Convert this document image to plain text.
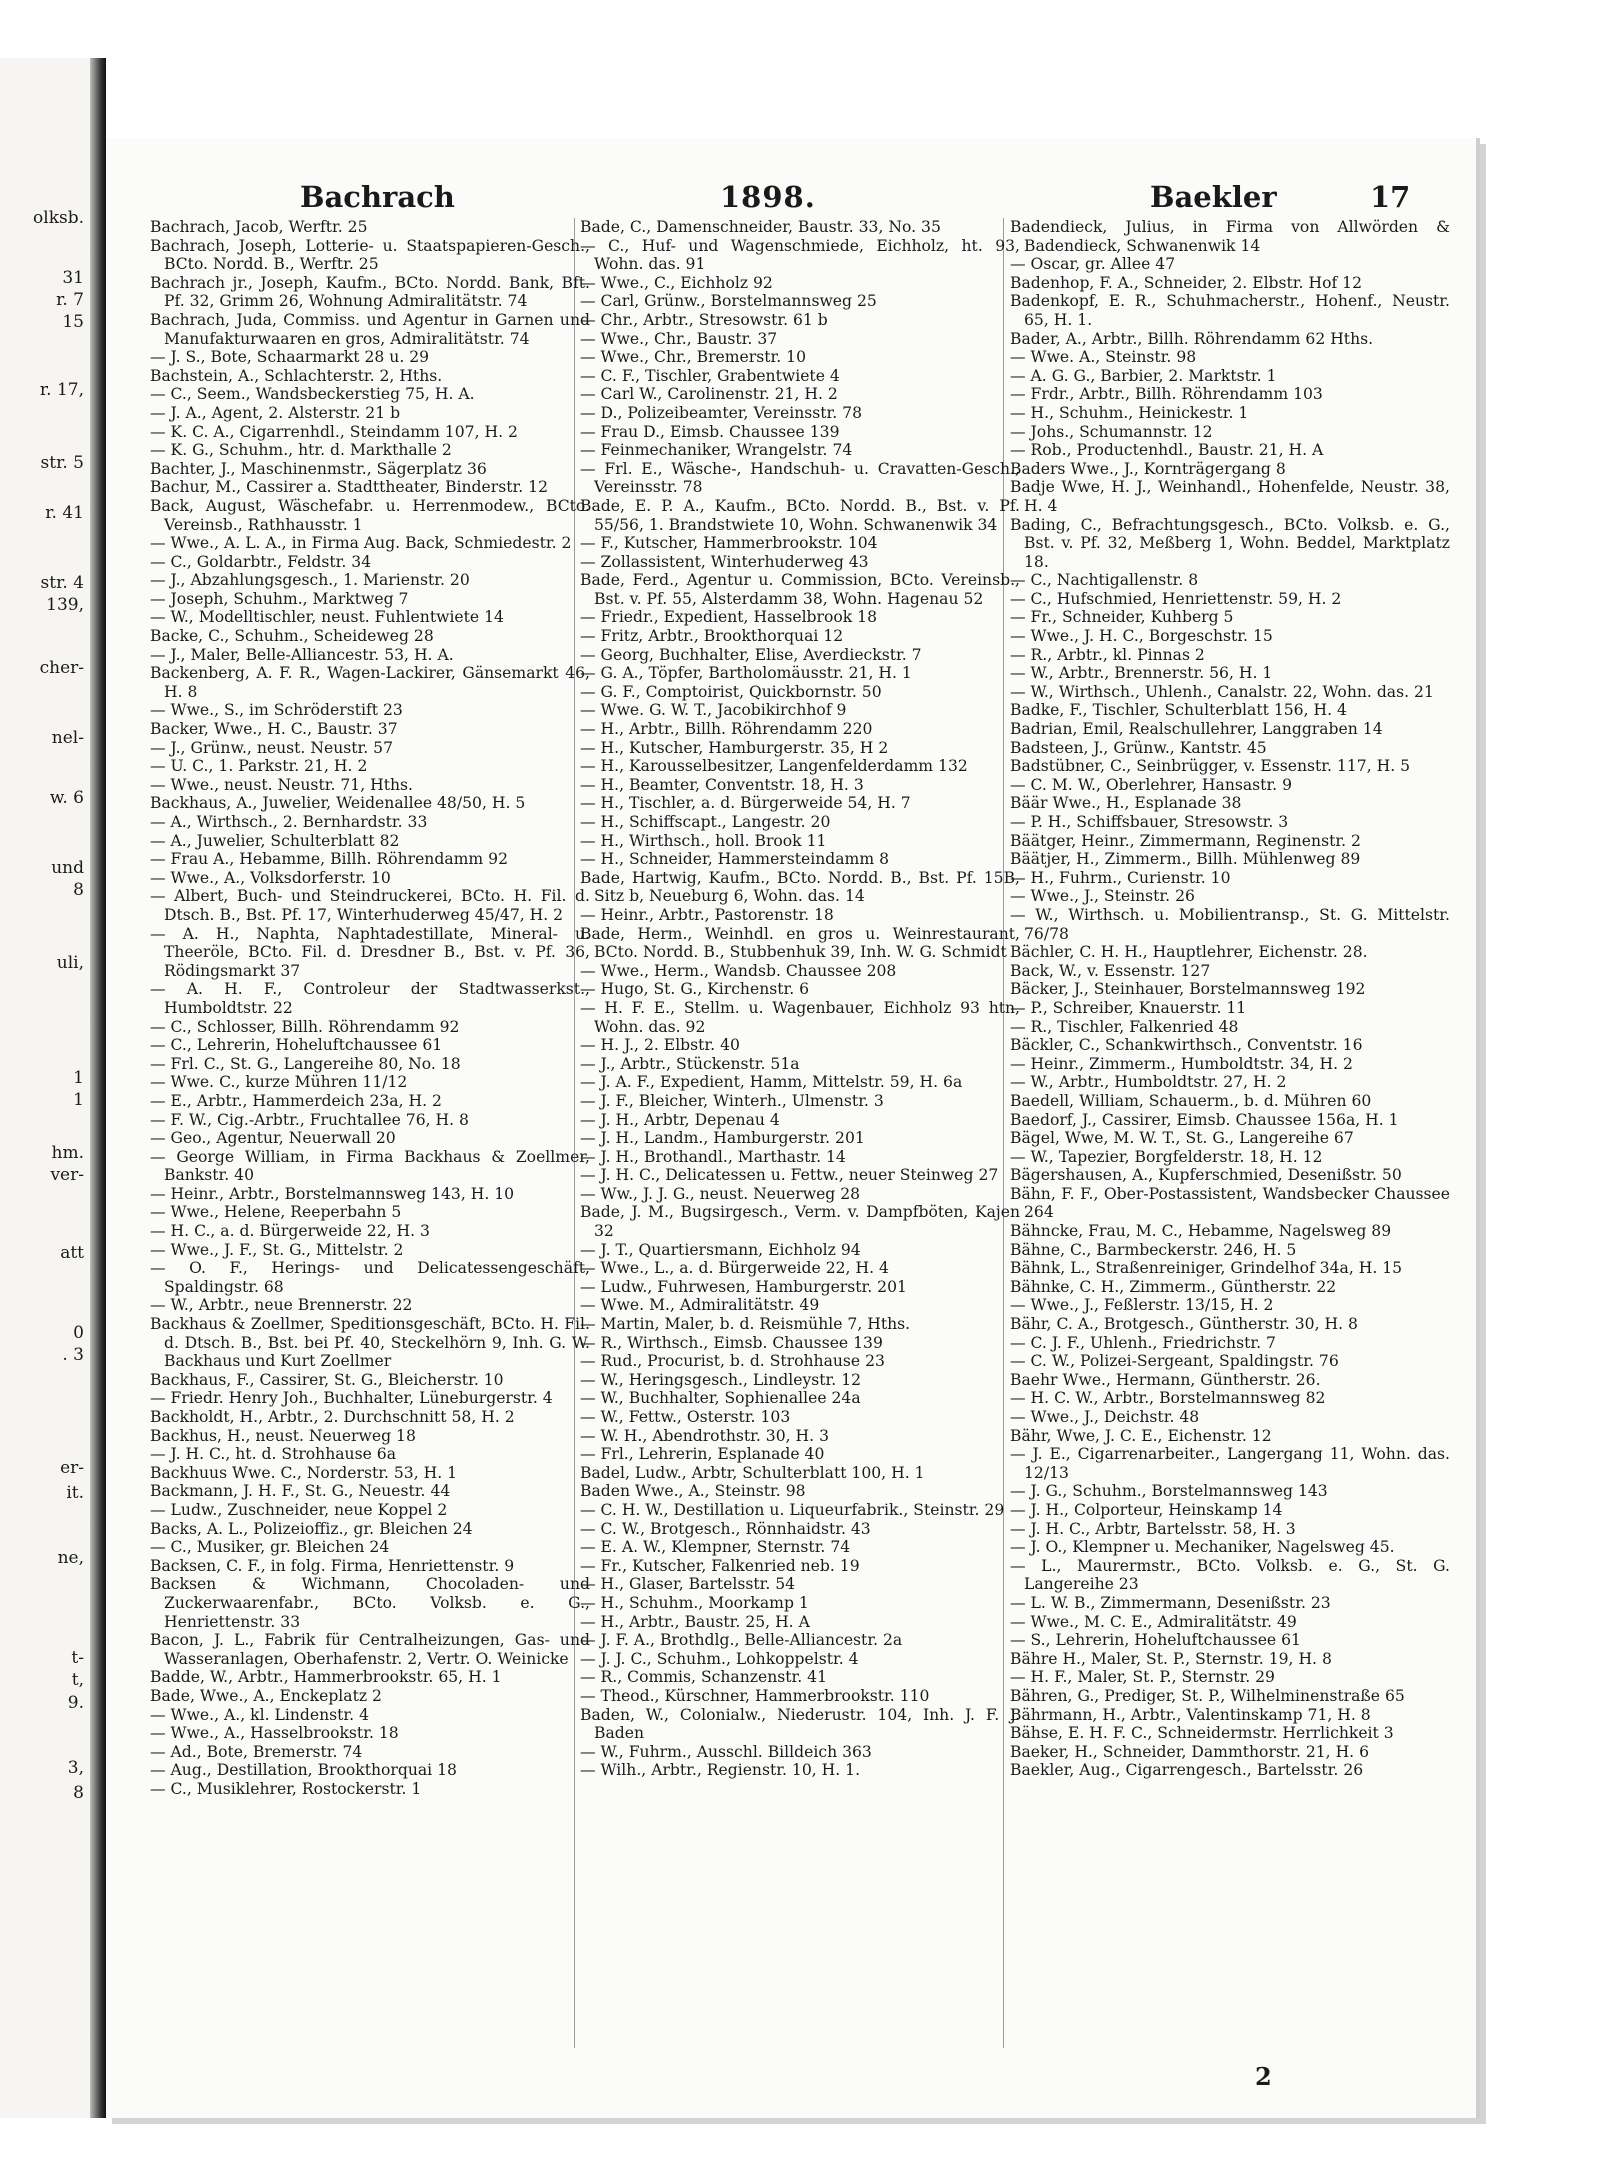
olksb.
31
r. 7
15
r. 17,
str. 5
r. 41
str. 4
139,
cher-
nel-
w. 6
und
8
uli,
1
1
hm.
ver-
att
0
. 3
er-
it.
ne,
t-
t,
9.
3,
8
Bachrach	1898.	Baekler	17
Bachrach, Jacob, Werftr. 25
Bachrach, Joseph, Lotterie- u. Staatspapieren-Gesch., BCto. Nordd. B., Werftr. 25
Bachrach jr., Joseph, Kaufm., BCto. Nordd. Bank, Bft. Pf. 32, Grimm 26, Wohnung Admiralitätstr. 74
Bachrach, Juda, Commiss. und Agentur in Garnen und Manufakturwaaren en gros, Admiralitätstr. 74
— J. S., Bote, Schaarmarkt 28 u. 29
Bachstein, A., Schlachterstr. 2, Hths.
— C., Seem., Wandsbeckerstieg 75, H. A.
— J. A., Agent, 2. Alsterstr. 21 b
— K. C. A., Cigarrenhdl., Steindamm 107, H. 2
— K. G., Schuhm., htr. d. Markthalle 2
Bachter, J., Maschinenmstr., Sägerplatz 36
Bachur, M., Cassirer a. Stadttheater, Binderstr. 12
Back, August, Wäschefabr. u. Herrenmodew., BCto. Vereinsb., Rathhausstr. 1
— Wwe., A. L. A., in Firma Aug. Back, Schmiedestr. 2
— C., Goldarbtr., Feldstr. 34
— J., Abzahlungsgesch., 1. Marienstr. 20
— Joseph, Schuhm., Marktweg 7
— W., Modelltischler, neust. Fuhlentwiete 14
Backe, C., Schuhm., Scheideweg 28
— J., Maler, Belle-Alliancestr. 53, H. A.
Backenberg, A. F. R., Wagen-Lackirer, Gänsemarkt 46, H. 8
— Wwe., S., im Schröderstift 23
Backer, Wwe., H. C., Baustr. 37
— J., Grünw., neust. Neustr. 57
— U. C., 1. Parkstr. 21, H. 2
— Wwe., neust. Neustr. 71, Hths.
Backhaus, A., Juwelier, Weidenallee 48/50, H. 5
— A., Wirthsch., 2. Bernhardstr. 33
— A., Juwelier, Schulterblatt 82
— Frau A., Hebamme, Billh. Röhrendamm 92
— Wwe., A., Volksdorferstr. 10
— Albert, Buch- und Steindruckerei, BCto. H. Fil. d. Dtsch. B., Bst. Pf. 17, Winterhuderweg 45/47, H. 2
— A. H., Naphta, Naphtadestillate, Mineral- u. Theeröle, BCto. Fil. d. Dresdner B., Bst. v. Pf. 36, Rödingsmarkt 37
— A. H. F., Controleur der Stadtwasserkst., Humboldtstr. 22
— C., Schlosser, Billh. Röhrendamm 92
— C., Lehrerin, Hoheluftchaussee 61
— Frl. C., St. G., Langereihe 80, No. 18
— Wwe. C., kurze Mühren 11/12
— E., Arbtr., Hammerdeich 23a, H. 2
— F. W., Cig.-Arbtr., Fruchtallee 76, H. 8
— Geo., Agentur, Neuerwall 20
— George William, in Firma Backhaus & Zoellmer, Bankstr. 40
— Heinr., Arbtr., Borstelmannsweg 143, H. 10
— Wwe., Helene, Reeperbahn 5
— H. C., a. d. Bürgerweide 22, H. 3
— Wwe., J. F., St. G., Mittelstr. 2
— O. F., Herings- und Delicatessengeschäft, Spaldingstr. 68
— W., Arbtr., neue Brennerstr. 22
Backhaus & Zoellmer, Speditionsgeschäft, BCto. H. Fil. d. Dtsch. B., Bst. bei Pf. 40, Steckelhörn 9, Inh. G. W. Backhaus und Kurt Zoellmer
Backhaus, F., Cassirer, St. G., Bleicherstr. 10
— Friedr. Henry Joh., Buchhalter, Lüneburgerstr. 4
Backholdt, H., Arbtr., 2. Durchschnitt 58, H. 2
Backhus, H., neust. Neuerweg 18
— J. H. C., ht. d. Strohhause 6a
Backhuus Wwe. C., Norderstr. 53, H. 1
Backmann, J. H. F., St. G., Neuestr. 44
— Ludw., Zuschneider, neue Koppel 2
Backs, A. L., Polizeioffiz., gr. Bleichen 24
— C., Musiker, gr. Bleichen 24
Backsen, C. F., in folg. Firma, Henriettenstr. 9
Backsen & Wichmann, Chocoladen- und Zuckerwaarenfabr., BCto. Volksb. e. G., Henriettenstr. 33
Bacon, J. L., Fabrik für Centralheizungen, Gas- und Wasseranlagen, Oberhafenstr. 2, Vertr. O. Weinicke
Badde, W., Arbtr., Hammerbrookstr. 65, H. 1
Bade, Wwe., A., Enckeplatz 2
— Wwe., A., kl. Lindenstr. 4
— Wwe., A., Hasselbrookstr. 18
— Ad., Bote, Bremerstr. 74
— Aug., Destillation, Brookthorquai 18
— C., Musiklehrer, Rostockerstr. 1
Bade, C., Damenschneider, Baustr. 33, No. 35
— C., Huf- und Wagenschmiede, Eichholz, ht. 93, Wohn. das. 91
— Wwe., C., Eichholz 92
— Carl, Grünw., Borstelmannsweg 25
— Chr., Arbtr., Stresowstr. 61 b
— Wwe., Chr., Baustr. 37
— Wwe., Chr., Bremerstr. 10
— C. F., Tischler, Grabentwiete 4
— Carl W., Carolinenstr. 21, H. 2
— D., Polizeibeamter, Vereinsstr. 78
— Frau D., Eimsb. Chaussee 139
— Feinmechaniker, Wrangelstr. 74
— Frl. E., Wäsche-, Handschuh- u. Cravatten-Gesch., Vereinsstr. 78
Bade, E. P. A., Kaufm., BCto. Nordd. B., Bst. v. Pf. 55/56, 1. Brandstwiete 10, Wohn. Schwanenwik 34
— F., Kutscher, Hammerbrookstr. 104
— Zollassistent, Winterhuderweg 43
Bade, Ferd., Agentur u. Commission, BCto. Vereinsb., Bst. v. Pf. 55, Alsterdamm 38, Wohn. Hagenau 52
— Friedr., Expedient, Hasselbrook 18
— Fritz, Arbtr., Brookthorquai 12
— Georg, Buchhalter, Elise, Averdieckstr. 7
— G. A., Töpfer, Bartholomäusstr. 21, H. 1
— G. F., Comptoirist, Quickbornstr. 50
— Wwe. G. W. T., Jacobikirchhof 9
— H., Arbtr., Billh. Röhrendamm 220
— H., Kutscher, Hamburgerstr. 35, H 2
— H., Karousselbesitzer, Langenfelderdamm 132
— H., Beamter, Conventstr. 18, H. 3
— H., Tischler, a. d. Bürgerweide 54, H. 7
— H., Schiffscapt., Langestr. 20
— H., Wirthsch., holl. Brook 11
— H., Schneider, Hammersteindamm 8
Bade, Hartwig, Kaufm., BCto. Nordd. B., Bst. Pf. 15B, Sitz b, Neueburg 6, Wohn. das. 14
— Heinr., Arbtr., Pastorenstr. 18
Bade, Herm., Weinhdl. en gros u. Weinrestaurant, BCto. Nordd. B., Stubbenhuk 39, Inh. W. G. Schmidt
— Wwe., Herm., Wandsb. Chaussee 208
— Hugo, St. G., Kirchenstr. 6
— H. F. E., Stellm. u. Wagenbauer, Eichholz 93 htn, Wohn. das. 92
— H. J., 2. Elbstr. 40
— J., Arbtr., Stückenstr. 51a
— J. A. F., Expedient, Hamm, Mittelstr. 59, H. 6a
— J. F., Bleicher, Winterh., Ulmenstr. 3
— J. H., Arbtr, Depenau 4
— J. H., Landm., Hamburgerstr. 201
— J. H., Brothandl., Marthastr. 14
— J. H. C., Delicatessen u. Fettw., neuer Steinweg 27
— Ww., J. J. G., neust. Neuerweg 28
Bade, J. M., Bugsirgesch., Verm. v. Dampfböten, Kajen 32
— J. T., Quartiersmann, Eichholz 94
— Wwe., L., a. d. Bürgerweide 22, H. 4
— Ludw., Fuhrwesen, Hamburgerstr. 201
— Wwe. M., Admiralitätstr. 49
— Martin, Maler, b. d. Reismühle 7, Hths.
— R., Wirthsch., Eimsb. Chaussee 139
— Rud., Procurist, b. d. Strohhause 23
— W., Heringsgesch., Lindleystr. 12
— W., Buchhalter, Sophienallee 24a
— W., Fettw., Osterstr. 103
— W. H., Abendrothstr. 30, H. 3
— Frl., Lehrerin, Esplanade 40
Badel, Ludw., Arbtr, Schulterblatt 100, H. 1
Baden Wwe., A., Steinstr. 98
— C. H. W., Destillation u. Liqueurfabrik., Steinstr. 29
— C. W., Brotgesch., Rönnhaidstr. 43
— E. A. W., Klempner, Sternstr. 74
— Fr., Kutscher, Falkenried neb. 19
— H., Glaser, Bartelsstr. 54
— H., Schuhm., Moorkamp 1
— H., Arbtr., Baustr. 25, H. A
— J. F. A., Brothdlg., Belle-Alliancestr. 2a
— J. J. C., Schuhm., Lohkoppelstr. 4
— R., Commis, Schanzenstr. 41
— Theod., Kürschner, Hammerbrookstr. 110
Baden, W., Colonialw., Niederustr. 104, Inh. J. F. J. Baden
— W., Fuhrm., Ausschl. Billdeich 363
— Wilh., Arbtr., Regienstr. 10, H. 1.
Badendieck, Julius, in Firma von Allwörden & Badendieck, Schwanenwik 14
— Oscar, gr. Allee 47
Badenhop, F. A., Schneider, 2. Elbstr. Hof 12
Badenkopf, E. R., Schuhmacherstr., Hohenf., Neustr. 65, H. 1.
Bader, A., Arbtr., Billh. Röhrendamm 62 Hths.
— Wwe. A., Steinstr. 98
— A. G. G., Barbier, 2. Marktstr. 1
— Frdr., Arbtr., Billh. Röhrendamm 103
— H., Schuhm., Heinickestr. 1
— Johs., Schumannstr. 12
— Rob., Productenhdl., Baustr. 21, H. A
Baders Wwe., J., Kornträgergang 8
Badje Wwe, H. J., Weinhandl., Hohenfelde, Neustr. 38, H. 4
Bading, C., Befrachtungsgesch., BCto. Volksb. e. G., Bst. v. Pf. 32, Meßberg 1, Wohn. Beddel, Marktplatz 18.
— C., Nachtigallenstr. 8
— C., Hufschmied, Henriettenstr. 59, H. 2
— Fr., Schneider, Kuhberg 5
— Wwe., J. H. C., Borgeschstr. 15
— R., Arbtr., kl. Pinnas 2
— W., Arbtr., Brennerstr. 56, H. 1
— W., Wirthsch., Uhlenh., Canalstr. 22, Wohn. das. 21
Badke, F., Tischler, Schulterblatt 156, H. 4
Badrian, Emil, Realschullehrer, Langgraben 14
Badsteen, J., Grünw., Kantstr. 45
Badstübner, C., Seinbrügger, v. Essenstr. 117, H. 5
— C. M. W., Oberlehrer, Hansastr. 9
Bäär Wwe., H., Esplanade 38
— P. H., Schiffsbauer, Stresowstr. 3
Bäätger, Heinr., Zimmermann, Reginenstr. 2
Bäätjer, H., Zimmerm., Billh. Mühlenweg 89
— H., Fuhrm., Curienstr. 10
— Wwe., J., Steinstr. 26
— W., Wirthsch. u. Mobilientransp., St. G. Mittelstr. 76/78
Bächler, C. H. H., Hauptlehrer, Eichenstr. 28.
Back, W., v. Essenstr. 127
Bäcker, J., Steinhauer, Borstelmannsweg 192
— P., Schreiber, Knauerstr. 11
— R., Tischler, Falkenried 48
Bäckler, C., Schankwirthsch., Conventstr. 16
— Heinr., Zimmerm., Humboldtstr. 34, H. 2
— W., Arbtr., Humboldtstr. 27, H. 2
Baedell, William, Schauerm., b. d. Mühren 60
Baedorf, J., Cassirer, Eimsb. Chaussee 156a, H. 1
Bägel, Wwe, M. W. T., St. G., Langereihe 67
— W., Tapezier, Borgfelderstr. 18, H. 12
Bägershausen, A., Kupferschmied, Desenißstr. 50
Bähn, F. F., Ober-Postassistent, Wandsbecker Chaussee 264
Bähncke, Frau, M. C., Hebamme, Nagelsweg 89
Bähne, C., Barmbeckerstr. 246, H. 5
Bähnk, L., Straßenreiniger, Grindelhof 34a, H. 15
Bähnke, C. H., Zimmerm., Güntherstr. 22
— Wwe., J., Feßlerstr. 13/15, H. 2
Bähr, C. A., Brotgesch., Güntherstr. 30, H. 8
— C. J. F., Uhlenh., Friedrichstr. 7
— C. W., Polizei-Sergeant, Spaldingstr. 76
Baehr Wwe., Hermann, Güntherstr. 26.
— H. C. W., Arbtr., Borstelmannsweg 82
— Wwe., J., Deichstr. 48
Bähr, Wwe, J. C. E., Eichenstr. 12
— J. E., Cigarrenarbeiter., Langergang 11, Wohn. das. 12/13
— J. G., Schuhm., Borstelmannsweg 143
— J. H., Colporteur, Heinskamp 14
— J. H. C., Arbtr, Bartelsstr. 58, H. 3
— J. O., Klempner u. Mechaniker, Nagelsweg 45.
— L., Maurermstr., BCto. Volksb. e. G., St. G. Langereihe 23
— L. W. B., Zimmermann, Desenißstr. 23
— Wwe., M. C. E., Admiralitätstr. 49
— S., Lehrerin, Hoheluftchaussee 61
Bähre H., Maler, St. P., Sternstr. 19, H. 8
— H. F., Maler, St. P., Sternstr. 29
Bähren, G., Prediger, St. P., Wilhelminenstraße 65
Bährmann, H., Arbtr., Valentinskamp 71, H. 8
Bähse, E. H. F. C., Schneidermstr. Herrlichkeit 3
Baeker, H., Schneider, Dammthorstr. 21, H. 6
Baekler, Aug., Cigarrengesch., Bartelsstr. 26
2
